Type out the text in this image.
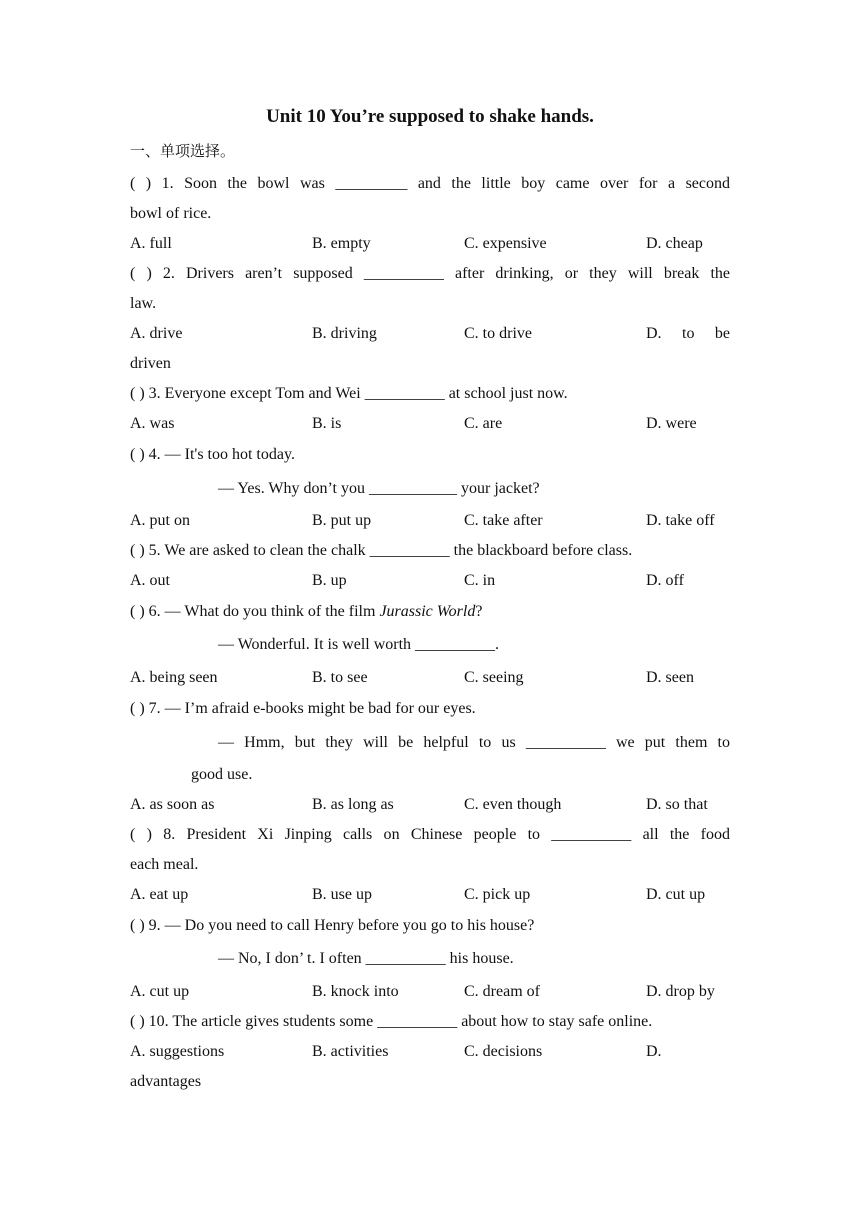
Unit 10 You’re supposed to shake hands.
一、单项选择。
( ) 1. Soon the bowl was _________ and the little boy came over for a second
bowl of rice.
A. full	B. empty	C. expensive	D. cheap
( ) 2. Drivers aren’t supposed __________ after drinking, or they will break the
law.
A. drive	B. driving	C. to drive	D. to be
driven
( ) 3. Everyone except Tom and Wei __________ at school just now.
A. was	B. is	C. are	D. were
( ) 4. — It's too hot today.
— Yes. Why don’t you ___________ your jacket?
A. put on	B. put up	C. take after	D. take off
( ) 5. We are asked to clean the chalk __________ the blackboard before class.
A. out	B. up	C. in	D. off
( ) 6. — What do you think of the film Jurassic World?
— Wonderful. It is well worth __________.
A. being seen	B. to see	C. seeing	D. seen
( ) 7. — I’m afraid e-books might be bad for our eyes.
— Hmm, but they will be helpful to us __________ we put them to
good use.
A. as soon as	B. as long as	C. even though	D. so that
( ) 8. President Xi Jinping calls on Chinese people to __________ all the food
each meal.
A. eat up	B. use up	C. pick up	D. cut up
( ) 9. — Do you need to call Henry before you go to his house?
— No, I don’ t. I often __________ his house.
A. cut up	B. knock into	C. dream of	D. drop by
( ) 10. The article gives students some __________ about how to stay safe online.
A. suggestions	B. activities	C. decisions	D.
advantages
